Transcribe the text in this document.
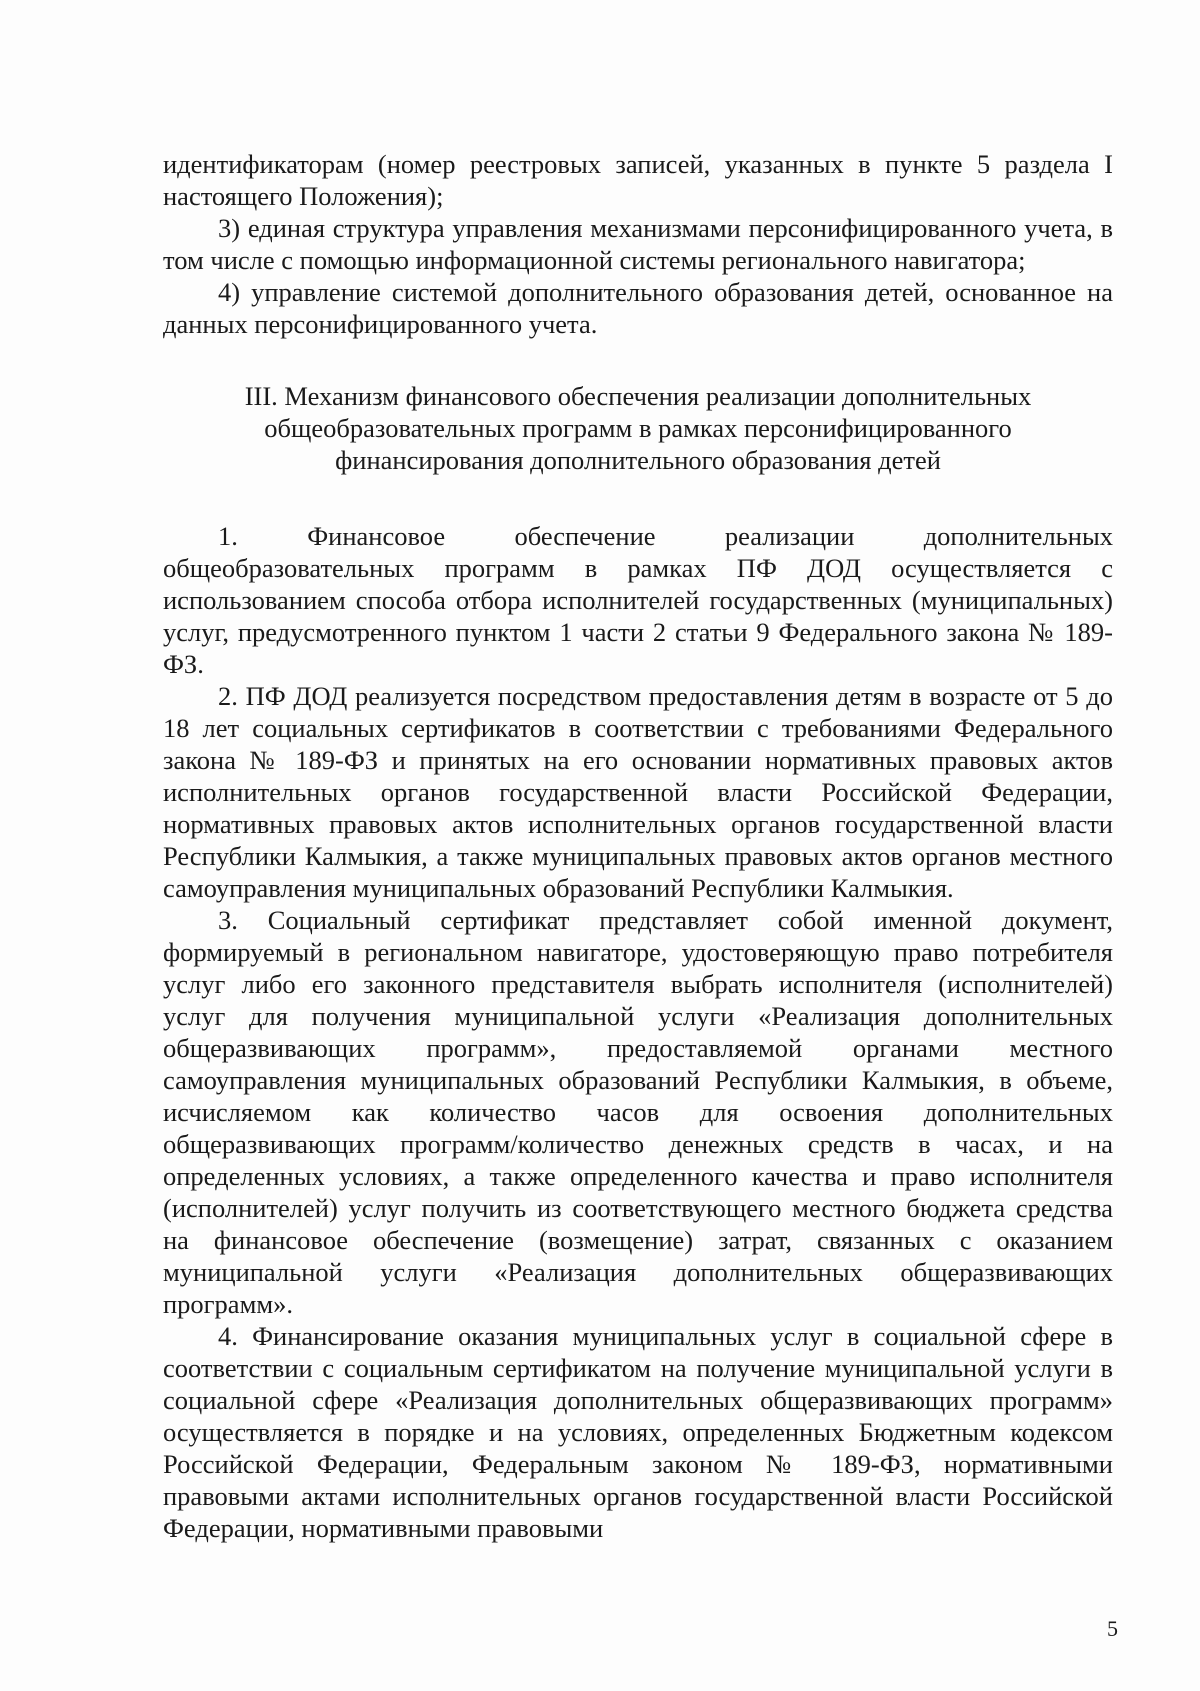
идентификаторам (номер реестровых записей, указанных в пункте 5 раздела I настоящего Положения);

3) единая структура управления механизмами персонифицированного учета, в том числе с помощью информационной системы регионального навигатора;

4) управление системой дополнительного образования детей, основанное на данных персонифицированного учета.

III. Механизм финансового обеспечения реализации дополнительных
общеобразовательных программ в рамках персонифицированного
финансирования дополнительного образования детей

1. Финансовое обеспечение реализации дополнительных общеобразовательных программ в рамках ПФ ДОД осуществляется с использованием способа отбора исполнителей государственных (муниципальных) услуг, предусмотренного пунктом 1 части 2 статьи 9 Федерального закона № 189-ФЗ.

2. ПФ ДОД реализуется посредством предоставления детям в возрасте от 5 до 18 лет социальных сертификатов в соответствии с требованиями Федерального закона № 189-ФЗ и принятых на его основании нормативных правовых актов исполнительных органов государственной власти Российской Федерации, нормативных правовых актов исполнительных органов государственной власти Республики Калмыкия, а также муниципальных правовых актов органов местного самоуправления муниципальных образований Республики Калмыкия.

3. Социальный сертификат представляет собой именной документ, формируемый в региональном навигаторе, удостоверяющую право потребителя услуг либо его законного представителя выбрать исполнителя (исполнителей) услуг для получения муниципальной услуги «Реализация дополнительных общеразвивающих программ», предоставляемой органами местного самоуправления муниципальных образований Республики Калмыкия, в объеме, исчисляемом как количество часов для освоения дополнительных общеразвивающих программ/количество денежных средств в часах, и на определенных условиях, а также определенного качества и право исполнителя (исполнителей) услуг получить из соответствующего местного бюджета средства на финансовое обеспечение (возмещение) затрат, связанных с оказанием муниципальной услуги «Реализация дополнительных общеразвивающих программ».

4. Финансирование оказания муниципальных услуг в социальной сфере в соответствии с социальным сертификатом на получение муниципальной услуги в социальной сфере «Реализация дополнительных общеразвивающих программ» осуществляется в порядке и на условиях, определенных Бюджетным кодексом Российской Федерации, Федеральным законом № 189-ФЗ, нормативными правовыми актами исполнительных органов государственной власти Российской Федерации, нормативными правовыми

5
